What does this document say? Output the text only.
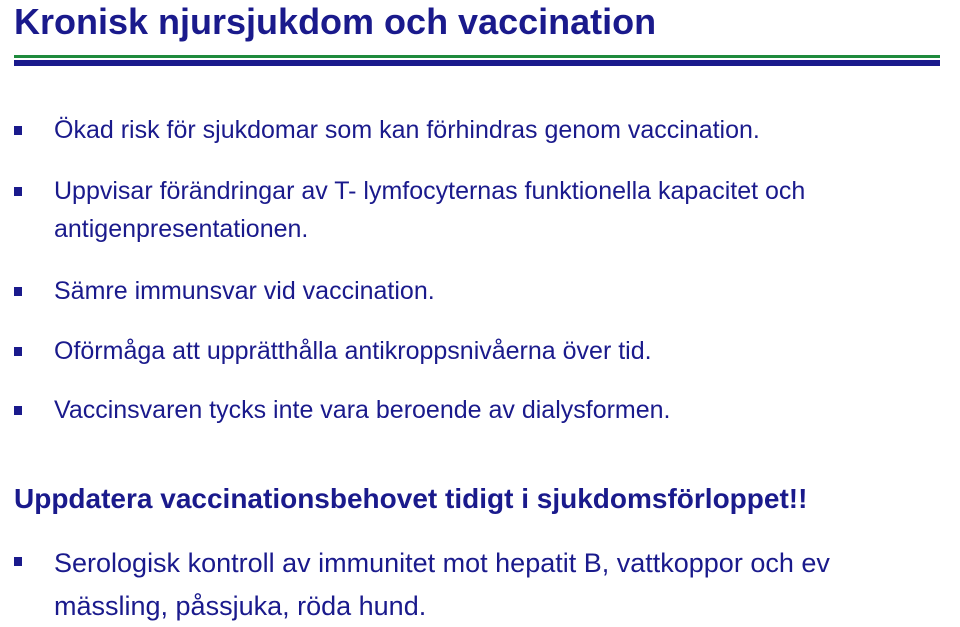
Kronisk njursjukdom och vaccination
Ökad risk för sjukdomar som kan förhindras genom vaccination.
Uppvisar förändringar av T- lymfocyternas funktionella kapacitet och
antigenpresentationen.
Sämre immunsvar vid vaccination.
Oförmåga att upprätthålla antikroppsnivåerna över tid.
Vaccinsvaren tycks inte vara beroende av dialysformen.
Uppdatera vaccinationsbehovet tidigt i sjukdomsförloppet!!
Serologisk kontroll av immunitet mot hepatit B, vattkoppor och ev
mässling, påssjuka, röda hund.
